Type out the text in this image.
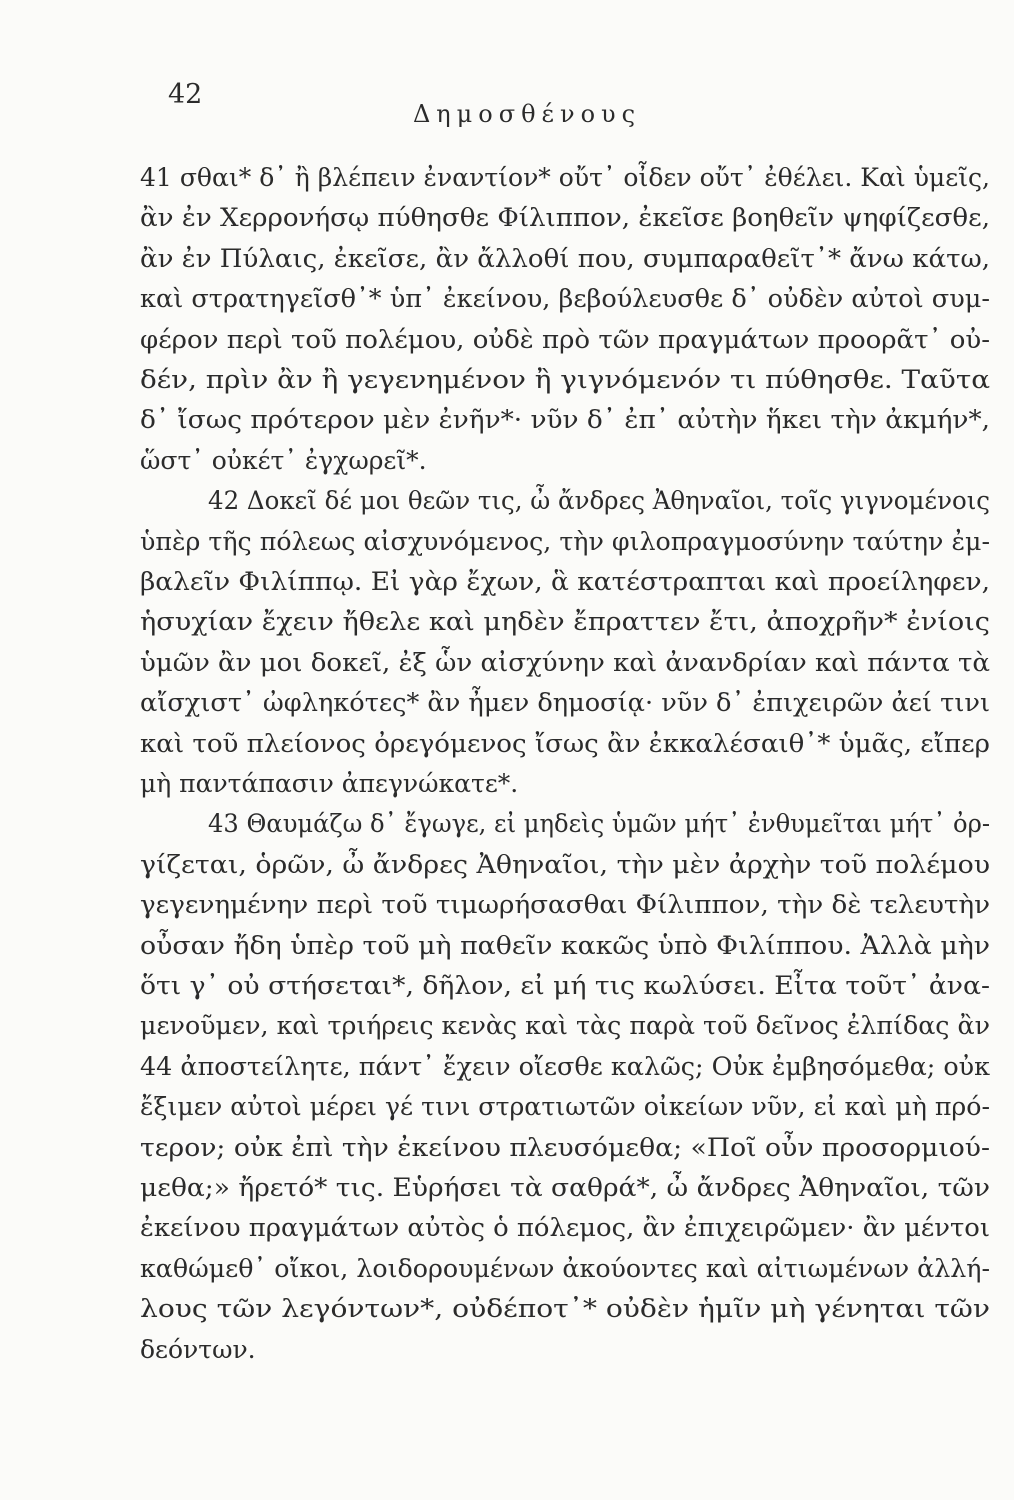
42
Δημοσθένους
41 σθαι* δ᾽ ἢ βλέπειν ἐναντίον* οὔτ᾽ οἶδεν οὔτ᾽ ἐθέλει. Καὶ ὑμεῖς,
ἂν ἐν Χερρονήσῳ πύθησθε Φίλιππον, ἐκεῖσε βοηθεῖν ψηφίζεσθε,
ἂν ἐν Πύλαις, ἐκεῖσε, ἂν ἄλλοθί που, συμπαραθεῖτ᾽* ἄνω κάτω,
καὶ στρατηγεῖσθ᾽* ὑπ᾽ ἐκείνου, βεβούλευσθε δ᾽ οὐδὲν αὐτοὶ συμ-
φέρον περὶ τοῦ πολέμου, οὐδὲ πρὸ τῶν πραγμάτων προορᾶτ᾽ οὐ-
δέν, πρὶν ἂν ἢ γεγενημένον ἢ γιγνόμενόν τι πύθησθε. Ταῦτα
δ᾽ ἴσως πρότερον μὲν ἐνῆν*· νῦν δ᾽ ἐπ᾽ αὐτὴν ἥκει τὴν ἀκμήν*,
ὥστ᾽ οὐκέτ᾽ ἐγχωρεῖ*.
42 Δοκεῖ δέ μοι θεῶν τις, ὦ ἄνδρες Ἀθηναῖοι, τοῖς γιγνομένοις
ὑπὲρ τῆς πόλεως αἰσχυνόμενος, τὴν φιλοπραγμοσύνην ταύτην ἐμ-
βαλεῖν Φιλίππῳ. Εἰ γὰρ ἔχων, ἃ κατέστραπται καὶ προείληφεν,
ἡσυχίαν ἔχειν ἤθελε καὶ μηδὲν ἔπραττεν ἔτι, ἀποχρῆν* ἐνίοις
ὑμῶν ἂν μοι δοκεῖ, ἐξ ὧν αἰσχύνην καὶ ἀνανδρίαν καὶ πάντα τὰ
αἴσχιστ᾽ ὠφληκότες* ἂν ἦμεν δημοσίᾳ· νῦν δ᾽ ἐπιχειρῶν ἀεί τινι
καὶ τοῦ πλείονος ὀρεγόμενος ἴσως ἂν ἐκκαλέσαιθ᾽* ὑμᾶς, εἴπερ
μὴ παντάπασιν ἀπεγνώκατε*.
43 Θαυμάζω δ᾽ ἔγωγε, εἰ μηδεὶς ὑμῶν μήτ᾽ ἐνθυμεῖται μήτ᾽ ὀρ-
γίζεται, ὁρῶν, ὦ ἄνδρες Ἀθηναῖοι, τὴν μὲν ἀρχὴν τοῦ πολέμου
γεγενημένην περὶ τοῦ τιμωρήσασθαι Φίλιππον, τὴν δὲ τελευτὴν
οὖσαν ἤδη ὑπὲρ τοῦ μὴ παθεῖν κακῶς ὑπὸ Φιλίππου. Ἀλλὰ μὴν
ὅτι γ᾽ οὐ στήσεται*, δῆλον, εἰ μή τις κωλύσει. Εἶτα τοῦτ᾽ ἀνα-
μενοῦμεν, καὶ τριήρεις κενὰς καὶ τὰς παρὰ τοῦ δεῖνος ἐλπίδας ἂν
44 ἀποστείλητε, πάντ᾽ ἔχειν οἴεσθε καλῶς; Οὐκ ἐμβησόμεθα; οὐκ
ἔξιμεν αὐτοὶ μέρει γέ τινι στρατιωτῶν οἰκείων νῦν, εἰ καὶ μὴ πρό-
τερον; οὐκ ἐπὶ τὴν ἐκείνου πλευσόμεθα; «Ποῖ οὖν προσορμιού-
μεθα;» ἤρετό* τις. Εὑρήσει τὰ σαθρά*, ὦ ἄνδρες Ἀθηναῖοι, τῶν
ἐκείνου πραγμάτων αὐτὸς ὁ πόλεμος, ἂν ἐπιχειρῶμεν· ἂν μέντοι
καθώμεθ᾽ οἴκοι, λοιδορουμένων ἀκούοντες καὶ αἰτιωμένων ἀλλή-
λους τῶν λεγόντων*, οὐδέποτ᾽* οὐδὲν ἡμῖν μὴ γένηται τῶν
δεόντων.
